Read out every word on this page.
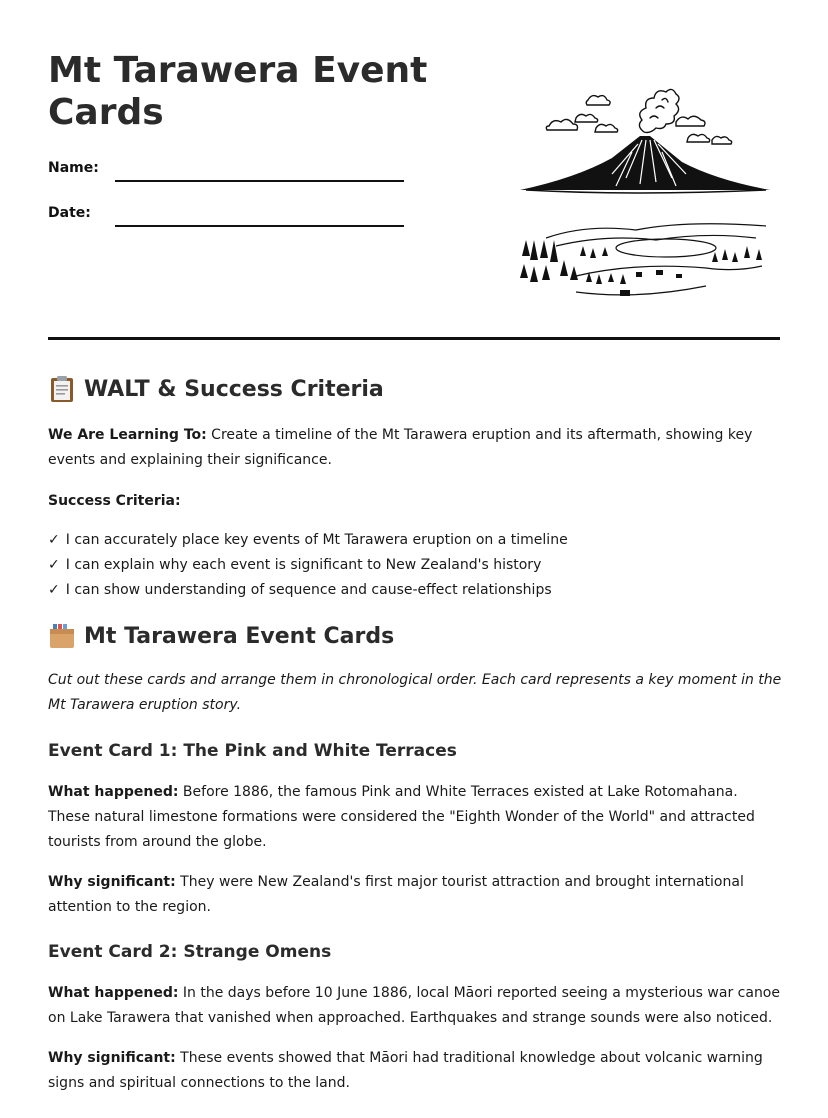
Mt Tarawera Event Cards
Name:
Date:
WALT & Success Criteria

We Are Learning To: Create a timeline of the Mt Tarawera eruption and its aftermath, showing key events and explaining their significance.

Success Criteria:

✓ I can accurately place key events of Mt Tarawera eruption on a timeline
✓ I can explain why each event is significant to New Zealand's history
✓ I can show understanding of sequence and cause-effect relationships
Mt Tarawera Event Cards

Cut out these cards and arrange them in chronological order. Each card represents a key moment in the Mt Tarawera eruption story.

Event Card 1: The Pink and White Terraces

What happened: Before 1886, the famous Pink and White Terraces existed at Lake Rotomahana. These natural limestone formations were considered the "Eighth Wonder of the World" and attracted tourists from around the globe.

Why significant: They were New Zealand's first major tourist attraction and brought international attention to the region.

Event Card 2: Strange Omens

What happened: In the days before 10 June 1886, local Māori reported seeing a mysterious war canoe on Lake Tarawera that vanished when approached. Earthquakes and strange sounds were also noticed.

Why significant: These events showed that Māori had traditional knowledge about volcanic warning signs and spiritual connections to the land.
